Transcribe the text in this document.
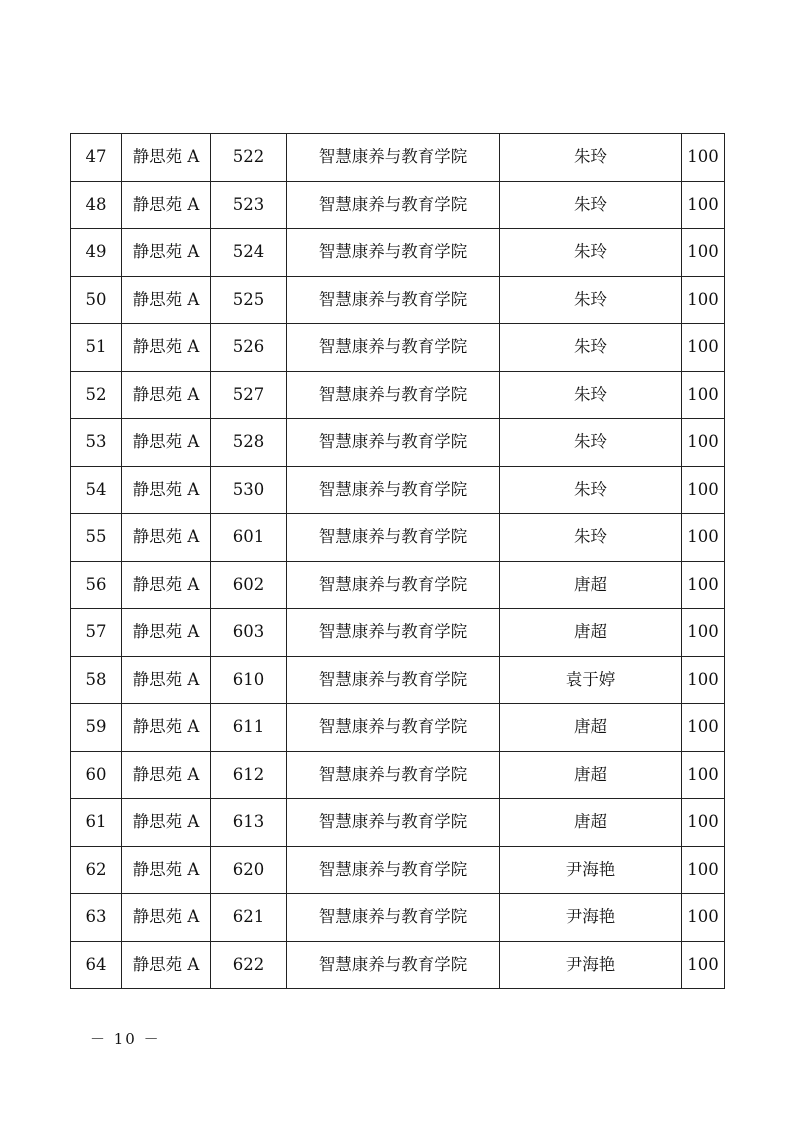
47	静思苑 A	522	智慧康养与教育学院	朱玲	100
48	静思苑 A	523	智慧康养与教育学院	朱玲	100
49	静思苑 A	524	智慧康养与教育学院	朱玲	100
50	静思苑 A	525	智慧康养与教育学院	朱玲	100
51	静思苑 A	526	智慧康养与教育学院	朱玲	100
52	静思苑 A	527	智慧康养与教育学院	朱玲	100
53	静思苑 A	528	智慧康养与教育学院	朱玲	100
54	静思苑 A	530	智慧康养与教育学院	朱玲	100
55	静思苑 A	601	智慧康养与教育学院	朱玲	100
56	静思苑 A	602	智慧康养与教育学院	唐超	100
57	静思苑 A	603	智慧康养与教育学院	唐超	100
58	静思苑 A	610	智慧康养与教育学院	袁于婷	100
59	静思苑 A	611	智慧康养与教育学院	唐超	100
60	静思苑 A	612	智慧康养与教育学院	唐超	100
61	静思苑 A	613	智慧康养与教育学院	唐超	100
62	静思苑 A	620	智慧康养与教育学院	尹海艳	100
63	静思苑 A	621	智慧康养与教育学院	尹海艳	100
64	静思苑 A	622	智慧康养与教育学院	尹海艳	100
－ 10 －
